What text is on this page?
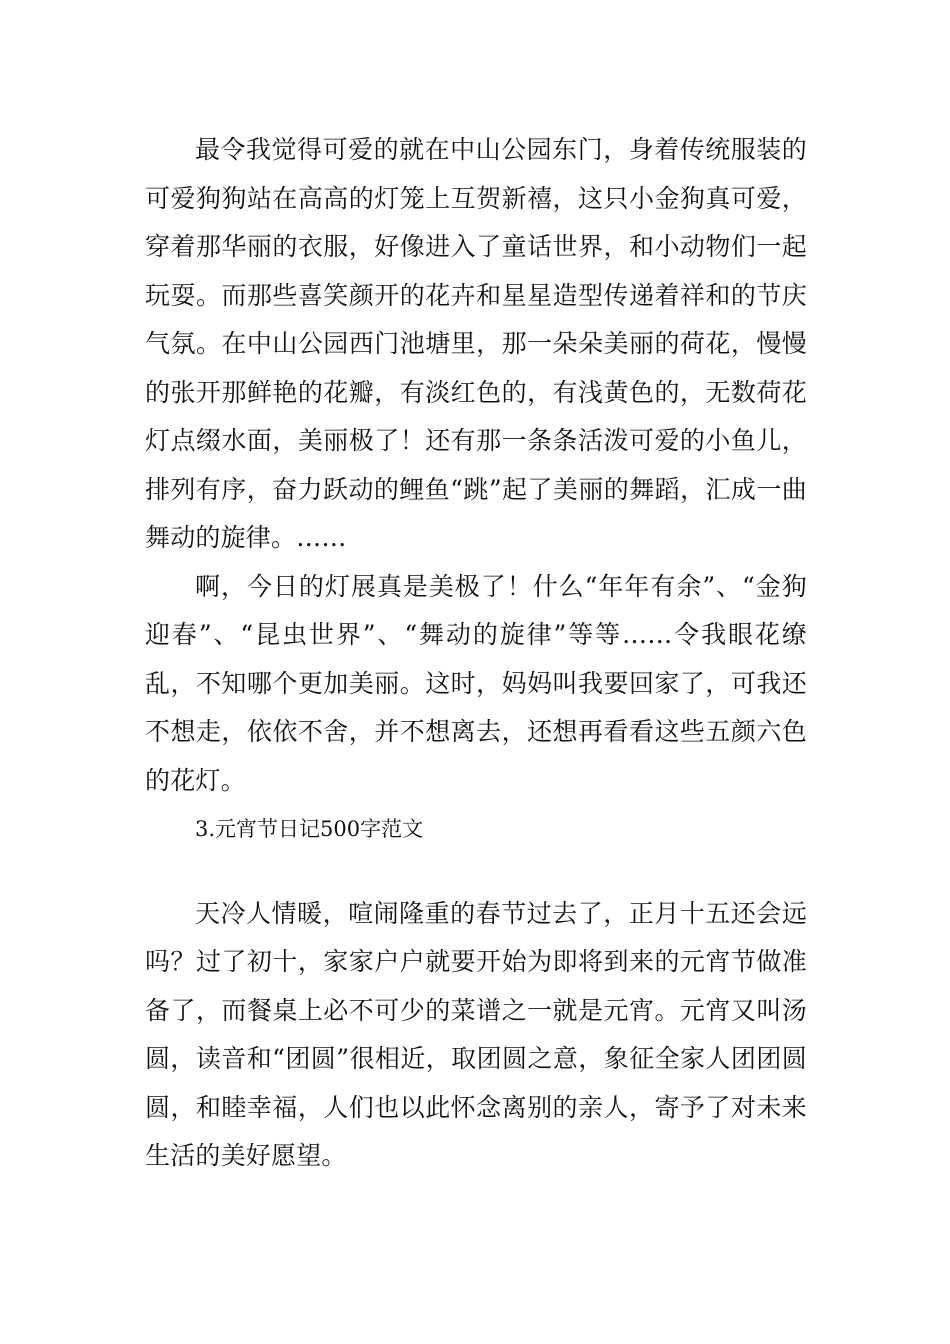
最令我觉得可爱的就在中山公园东门，身着传统服装的可爱狗狗站在高高的灯笼上互贺新禧，这只小金狗真可爱，穿着那华丽的衣服，好像进入了童话世界，和小动物们一起玩耍。而那些喜笑颜开的花卉和星星造型传递着祥和的节庆气氛。在中山公园西门池塘里，那一朵朵美丽的荷花，慢慢的张开那鲜艳的花瓣，有淡红色的，有浅黄色的，无数荷花灯点缀水面，美丽极了！还有那一条条活泼可爱的小鱼儿，排列有序，奋力跃动的鲤鱼“跳”起了美丽的舞蹈，汇成一曲舞动的旋律。……

啊，今日的灯展真是美极了！什么“年年有余”、“金狗迎春”、“昆虫世界”、“舞动的旋律”等等……令我眼花缭乱，不知哪个更加美丽。这时，妈妈叫我要回家了，可我还不想走，依依不舍，并不想离去，还想再看看这些五颜六色的花灯。

3.元宵节日记500字范文

天冷人情暖，喧闹隆重的春节过去了，正月十五还会远吗？过了初十，家家户户就要开始为即将到来的元宵节做准备了，而餐桌上必不可少的菜谱之一就是元宵。元宵又叫汤圆，读音和“团圆”很相近，取团圆之意，象征全家人团团圆圆，和睦幸福，人们也以此怀念离别的亲人，寄予了对未来生活的美好愿望。
